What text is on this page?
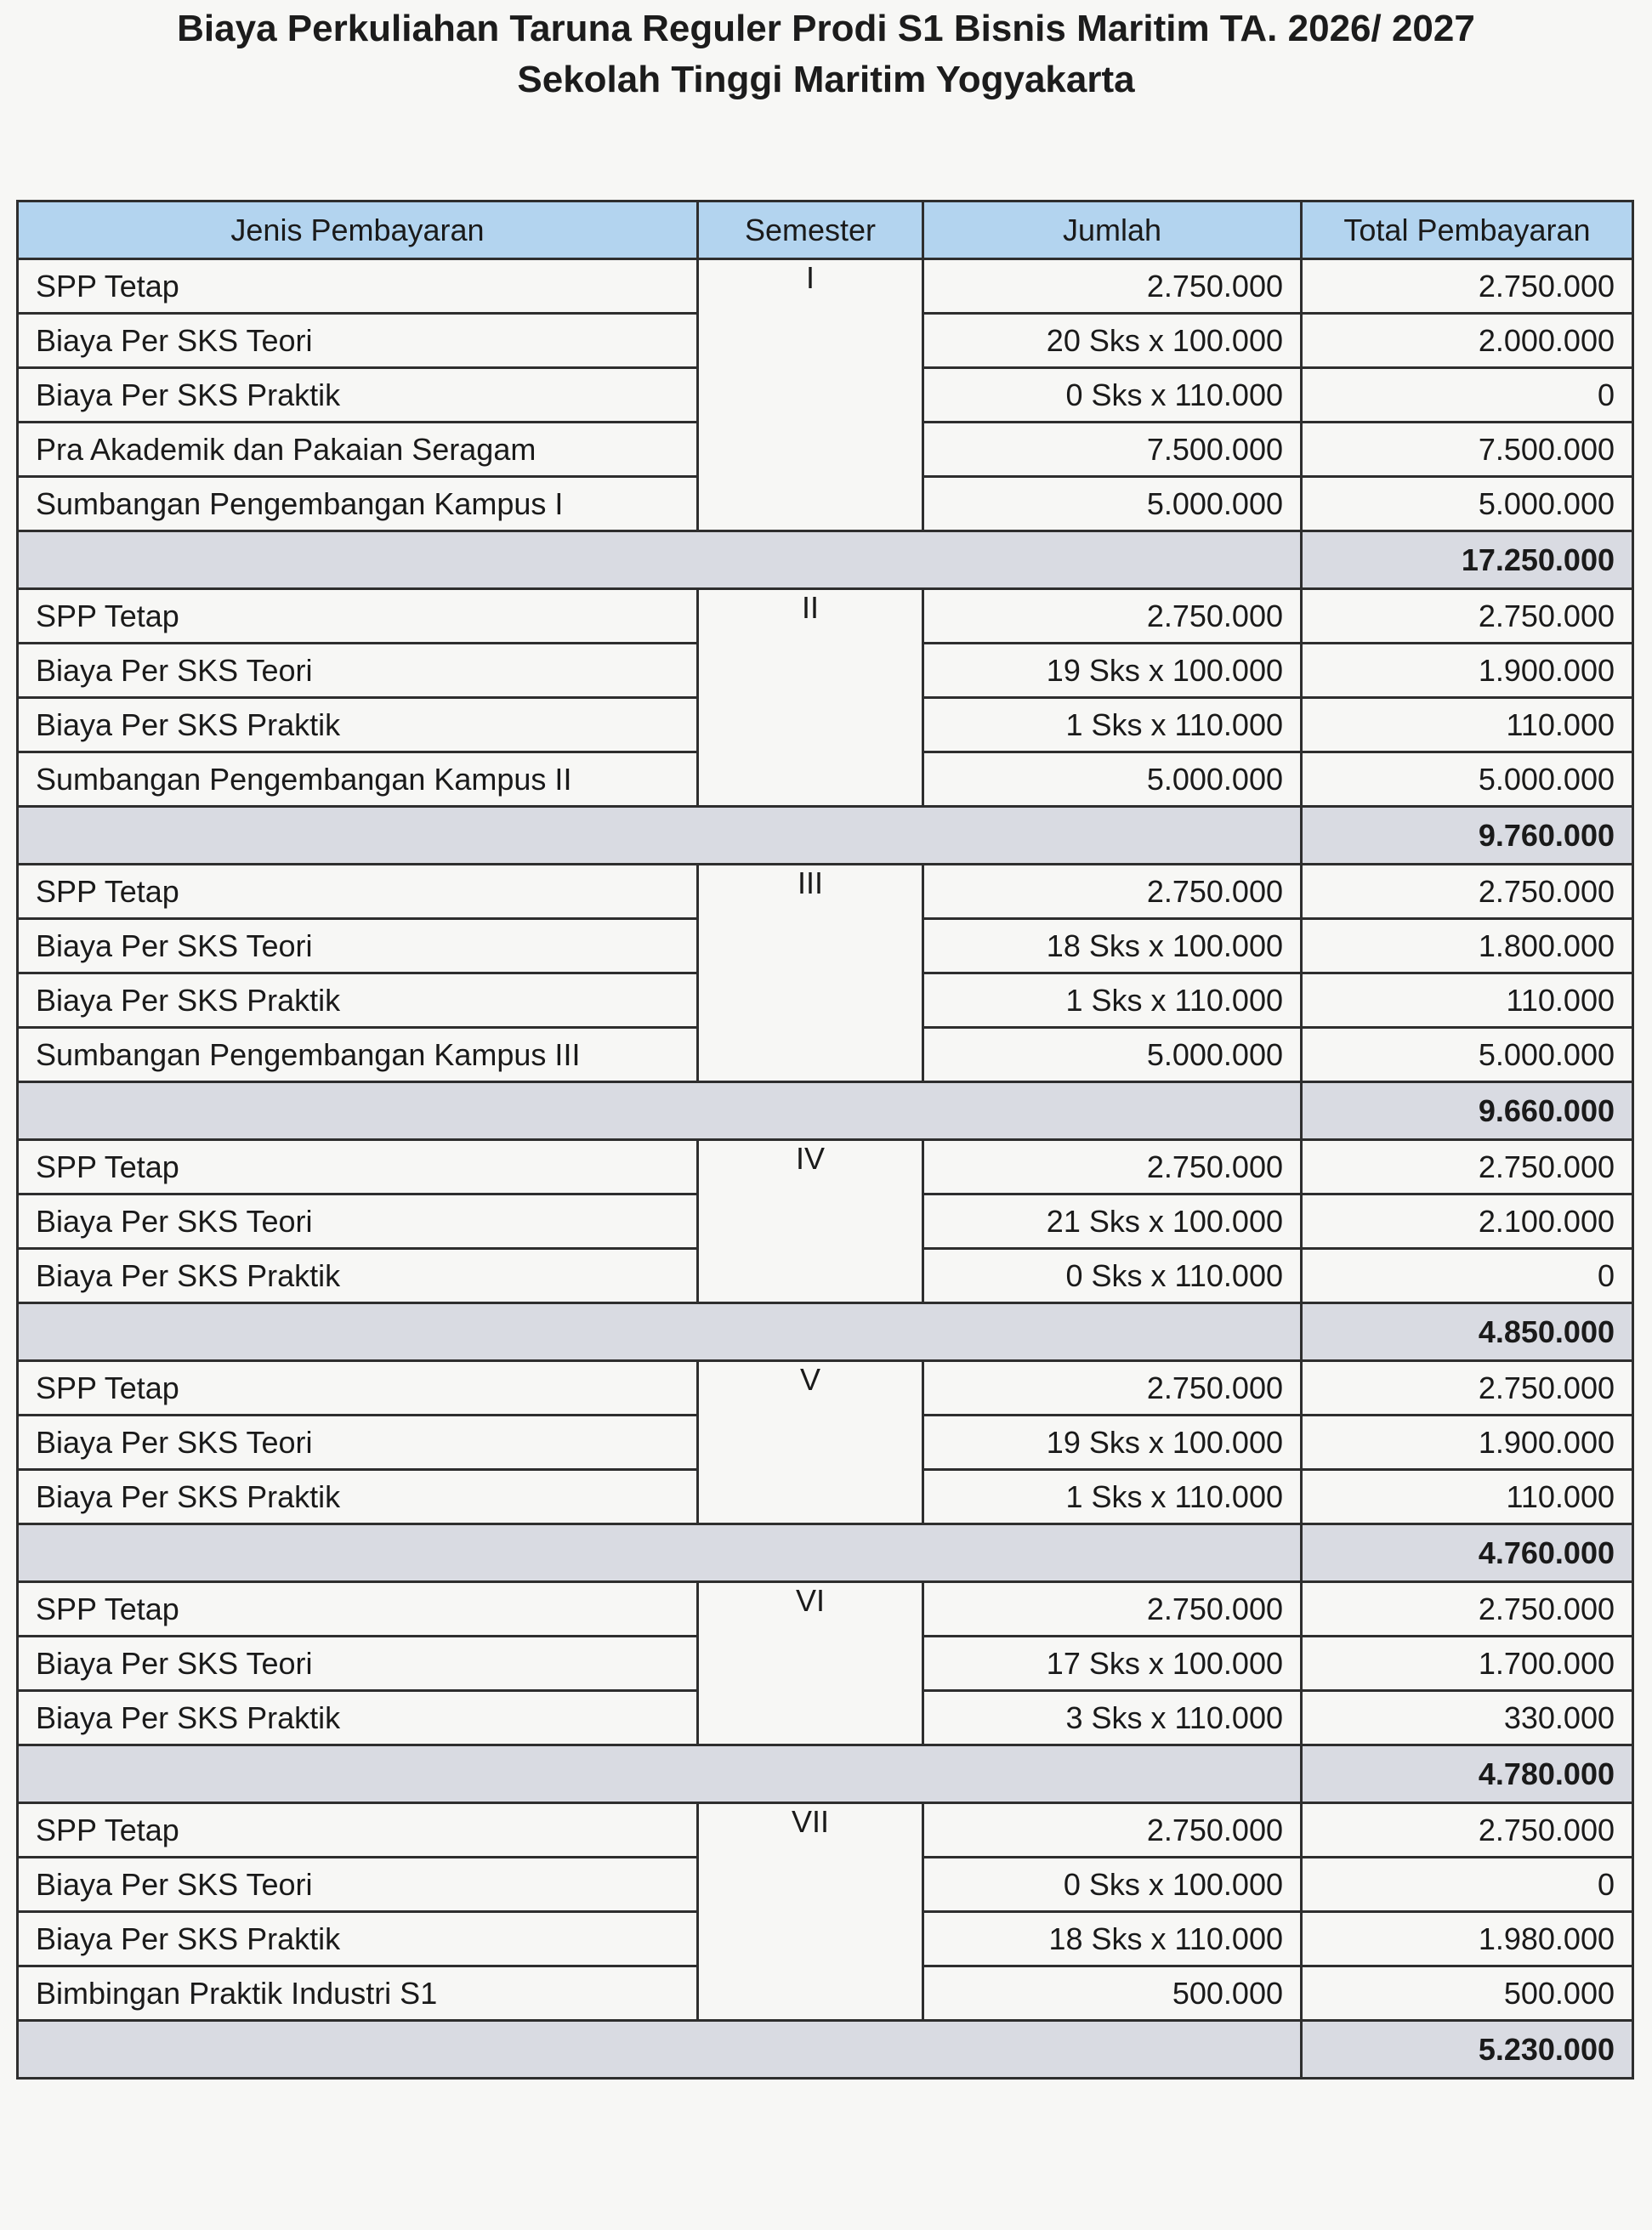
Biaya Perkuliahan Taruna Reguler Prodi S1 Bisnis Maritim TA. 2026/ 2027
Sekolah Tinggi Maritim Yogyakarta
Jenis Pembayaran	Semester	Jumlah	Total Pembayaran
SPP Tetap	I	2.750.000	2.750.000
Biaya Per SKS Teori		20 Sks x 100.000	2.000.000
Biaya Per SKS Praktik		0 Sks x 110.000	0
Pra Akademik dan Pakaian Seragam		7.500.000	7.500.000
Sumbangan Pengembangan Kampus I		5.000.000	5.000.000
			17.250.000
SPP Tetap	II	2.750.000	2.750.000
Biaya Per SKS Teori		19 Sks x 100.000	1.900.000
Biaya Per SKS Praktik		1 Sks x 110.000	110.000
Sumbangan Pengembangan Kampus II		5.000.000	5.000.000
			9.760.000
SPP Tetap	III	2.750.000	2.750.000
Biaya Per SKS Teori		18 Sks x 100.000	1.800.000
Biaya Per SKS Praktik		1 Sks x 110.000	110.000
Sumbangan Pengembangan Kampus III		5.000.000	5.000.000
			9.660.000
SPP Tetap	IV	2.750.000	2.750.000
Biaya Per SKS Teori		21 Sks x 100.000	2.100.000
Biaya Per SKS Praktik		0 Sks x 110.000	0
			4.850.000
SPP Tetap	V	2.750.000	2.750.000
Biaya Per SKS Teori		19 Sks x 100.000	1.900.000
Biaya Per SKS Praktik		1 Sks x 110.000	110.000
			4.760.000
SPP Tetap	VI	2.750.000	2.750.000
Biaya Per SKS Teori		17 Sks x 100.000	1.700.000
Biaya Per SKS Praktik		3 Sks x 110.000	330.000
			4.780.000
SPP Tetap	VII	2.750.000	2.750.000
Biaya Per SKS Teori		0 Sks x 100.000	0
Biaya Per SKS Praktik		18 Sks x 110.000	1.980.000
Bimbingan Praktik Industri S1		500.000	500.000
			5.230.000
